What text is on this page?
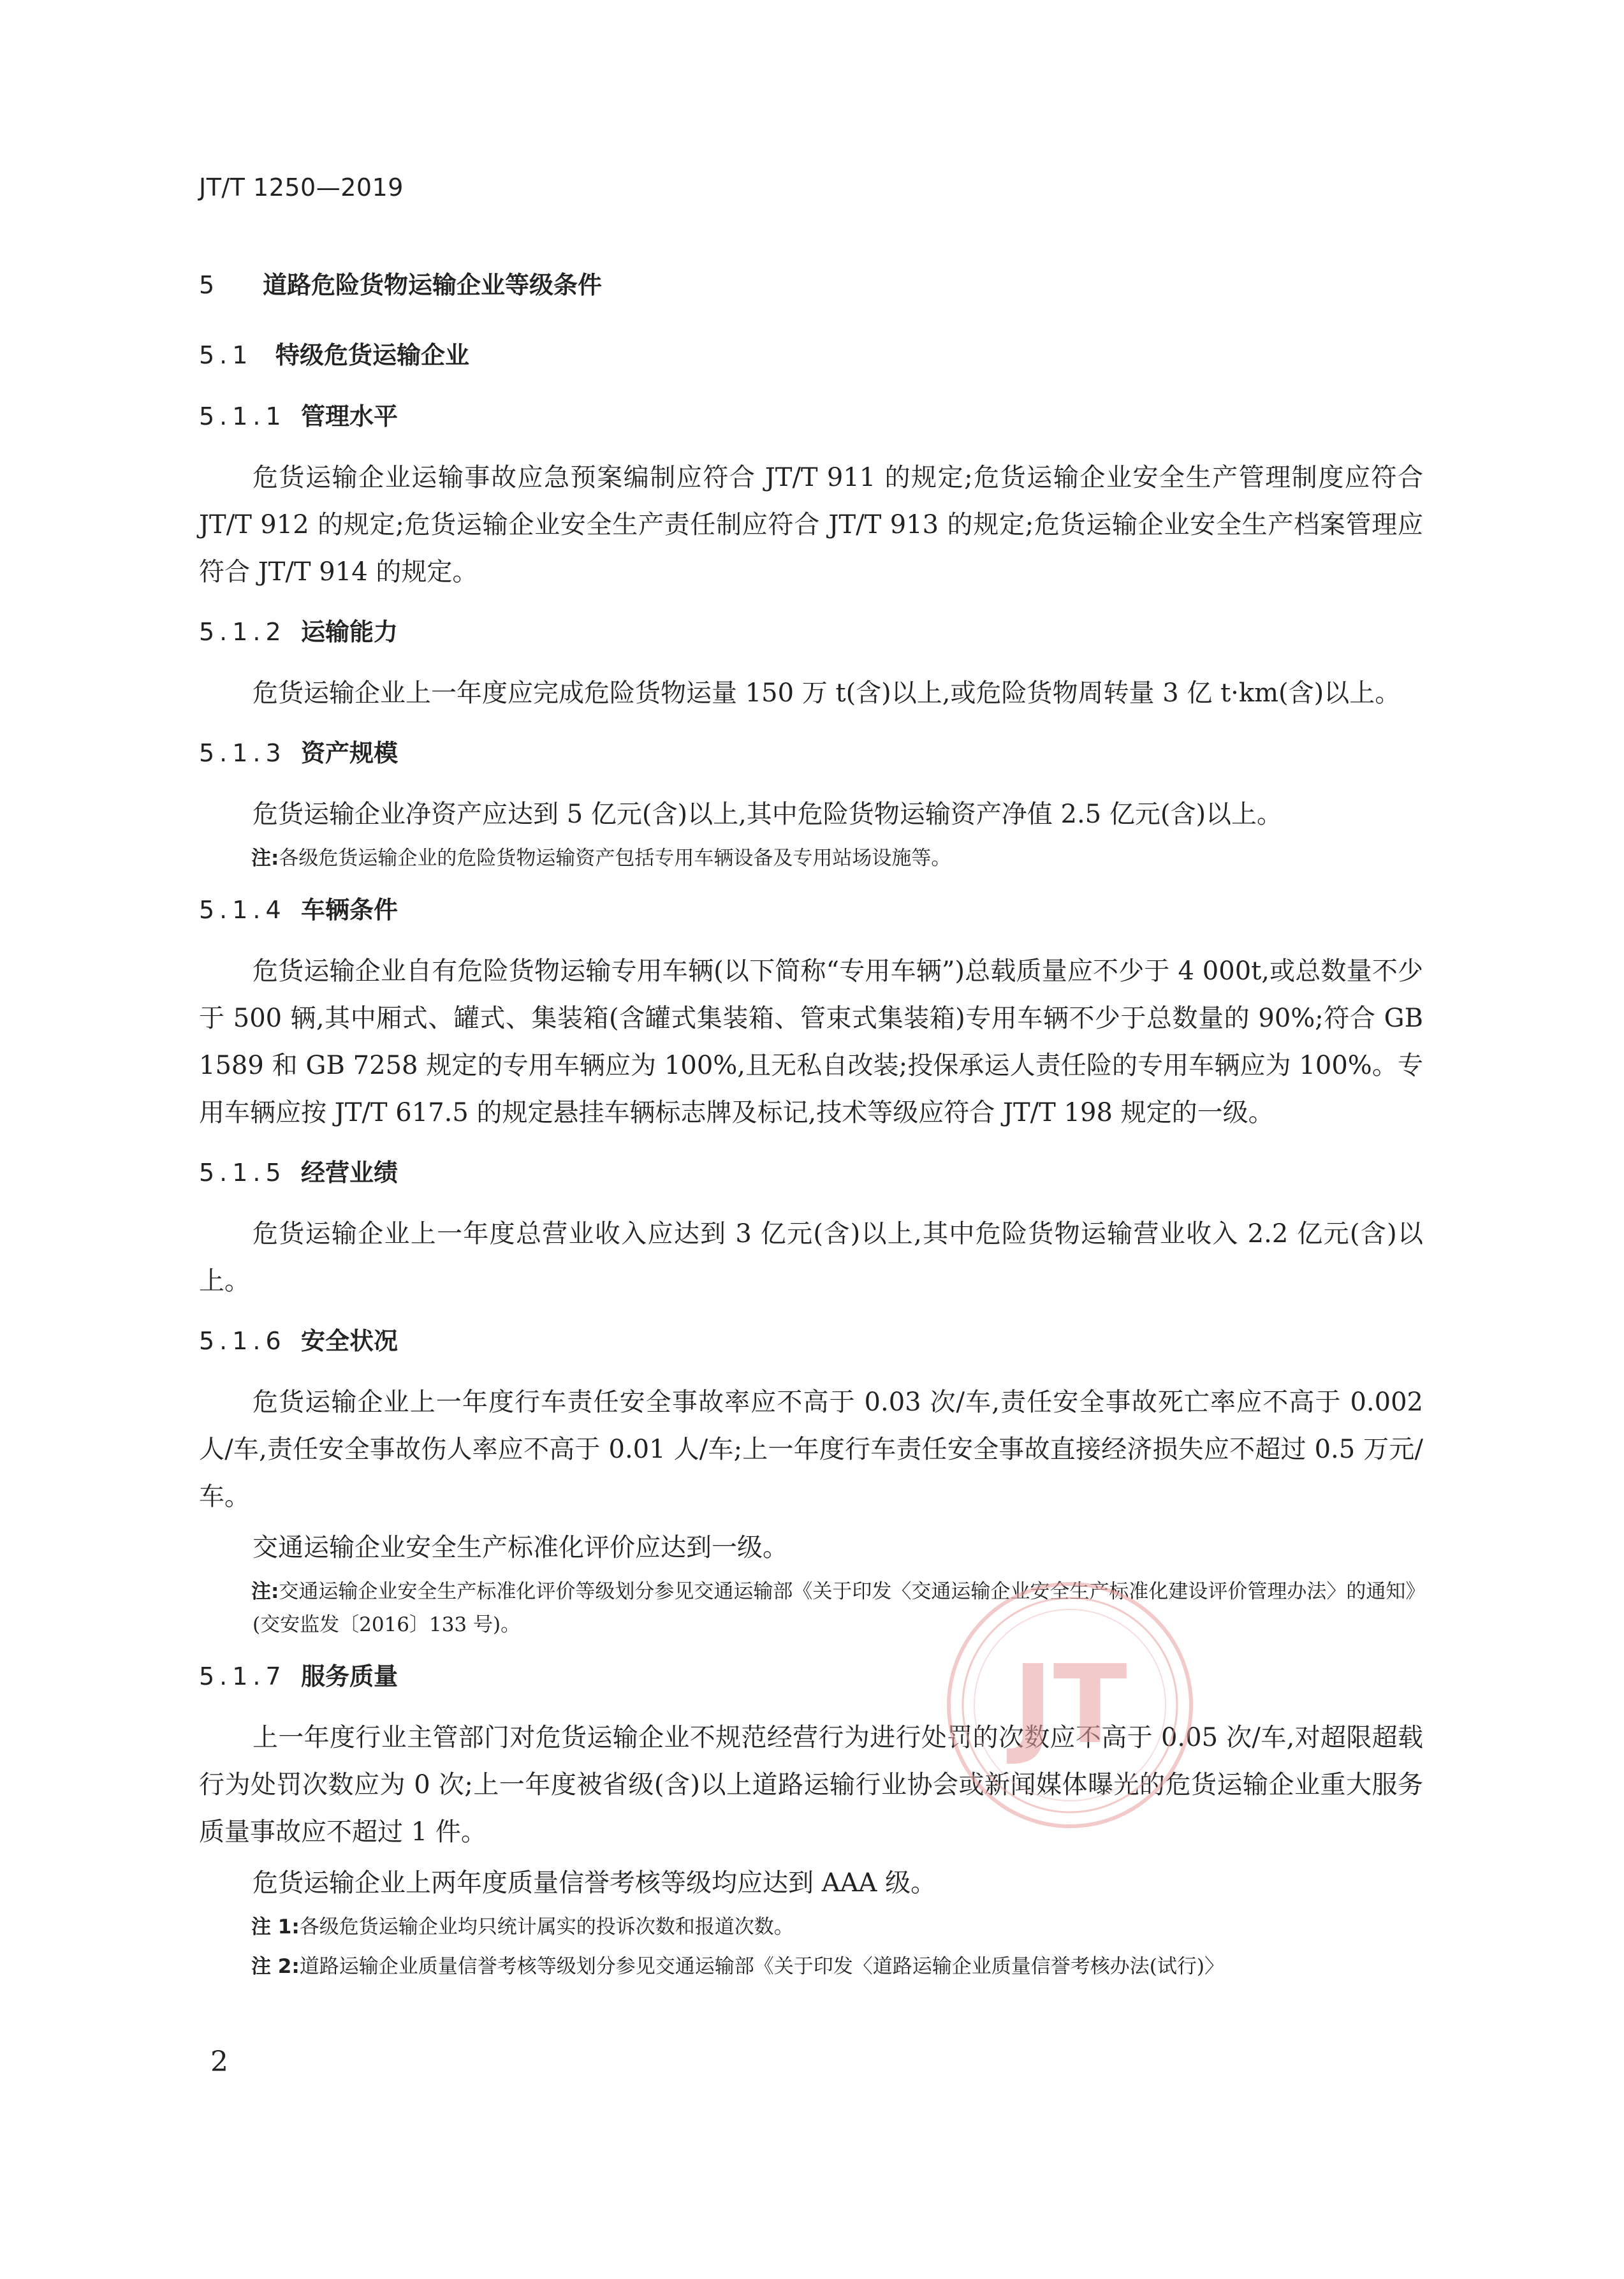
JT/T 1250—2019
5 道路危险货物运输企业等级条件
5.1 特级危货运输企业
5.1.1 管理水平

危货运输企业运输事故应急预案编制应符合 JT/T 911 的规定;危货运输企业安全生产管理制度应符合 JT/T 912 的规定;危货运输企业安全生产责任制应符合 JT/T 913 的规定;危货运输企业安全生产档案管理应符合 JT/T 914 的规定。

5.1.2 运输能力

危货运输企业上一年度应完成危险货物运量 150 万 t(含)以上,或危险货物周转量 3 亿 t·km(含)以上。

5.1.3 资产规模

危货运输企业净资产应达到 5 亿元(含)以上,其中危险货物运输资产净值 2.5 亿元(含)以上。

注:各级危货运输企业的危险货物运输资产包括专用车辆设备及专用站场设施等。

5.1.4 车辆条件

危货运输企业自有危险货物运输专用车辆(以下简称“专用车辆”)总载质量应不少于 4 000t,或总数量不少于 500 辆,其中厢式、罐式、集装箱(含罐式集装箱、管束式集装箱)专用车辆不少于总数量的 90%;符合 GB 1589 和 GB 7258 规定的专用车辆应为 100%,且无私自改装;投保承运人责任险的专用车辆应为 100%。专用车辆应按 JT/T 617.5 的规定悬挂车辆标志牌及标记,技术等级应符合 JT/T 198 规定的一级。

5.1.5 经营业绩

危货运输企业上一年度总营业收入应达到 3 亿元(含)以上,其中危险货物运输营业收入 2.2 亿元(含)以上。

5.1.6 安全状况

危货运输企业上一年度行车责任安全事故率应不高于 0.03 次/车,责任安全事故死亡率应不高于 0.002 人/车,责任安全事故伤人率应不高于 0.01 人/车;上一年度行车责任安全事故直接经济损失应不超过 0.5 万元/车。

交通运输企业安全生产标准化评价应达到一级。

注:交通运输企业安全生产标准化评价等级划分参见交通运输部《关于印发〈交通运输企业安全生产标准化建设评价管理办法〉的通知》(交安监发〔2016〕133 号)。

5.1.7 服务质量

上一年度行业主管部门对危货运输企业不规范经营行为进行处罚的次数应不高于 0.05 次/车,对超限超载行为处罚次数应为 0 次;上一年度被省级(含)以上道路运输行业协会或新闻媒体曝光的危货运输企业重大服务质量事故应不超过 1 件。

危货运输企业上两年度质量信誉考核等级均应达到 AAA 级。

注 1:各级危货运输企业均只统计属实的投诉次数和报道次数。

注 2:道路运输企业质量信誉考核等级划分参见交通运输部《关于印发〈道路运输企业质量信誉考核办法(试行)〉

JT
2
